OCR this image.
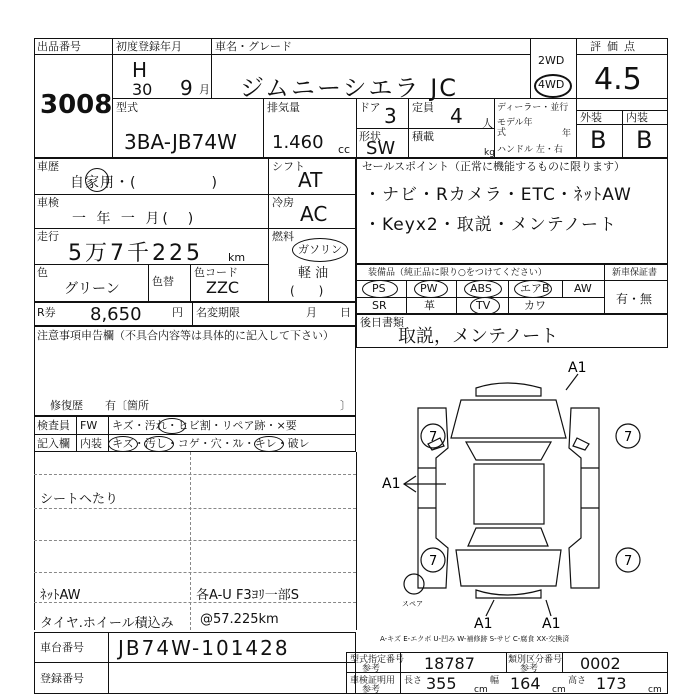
出品番号
3008
初度登録年月
H
30 9 月
車名・グレード
ジムニーシエラ JC
2WD
4WD
評価点
4.5
型式
3BA-JB74W
排気量
1.460 cc
ドア 3 定員 4 人
ディーラー・並行
モデル年式	年
ハンドル 左・右
形状
SW
積載
kg
外装 内装
B B
車歴
自家用・(　　　　　)
シフト
AT
車検
一 年 一 月(　)
冷房 AC
走行
5万7千225 km
燃料
ガソリン
軽 油
(　　)
色
グリーン	色替
色コード
ZZC
R券 8,650	円 名変期限	月 日
セールスポイント（正常に機能するものに限ります）
・ナビ・Rカメラ・ETC・ﾈｯﾄAW
・Keyx2・取説・メンテノート
装備品（純正品に限り○をつけてください）	新車保証書
有・無
PS	PW	ABS	エアB AW
SR	革	TV	カワ
後日書類
取説，メンテノート
注意事項申告欄（不具合内容等は具体的に記入して下さい）
修復歴　　有〔箇所	〕
検査員
記入欄
FW
内装
キズ・汚れ・ヒビ割・リペア跡・×要
キズ・汚し・コゲ・穴・ｽﾚ・キレ・破レ
シートヘたり
ﾈｯﾄAW	各A-U F3ﾖﾘ一部S
タイヤ.ホイール積込み @57.225km
7	7
7	7
A1
A1
A1	A1
スペア
A-キズ E-エクボ U-凹み W-補修跡 S-サビ C-腐食 XX-交換済
車台番号 JB74W-101428
登録番号
型式指定番号
参考	18787	類別区分番号
参考	0002
車検証明用
参考
長さ 355 cm
幅 164 cm
高さ 173 cm
